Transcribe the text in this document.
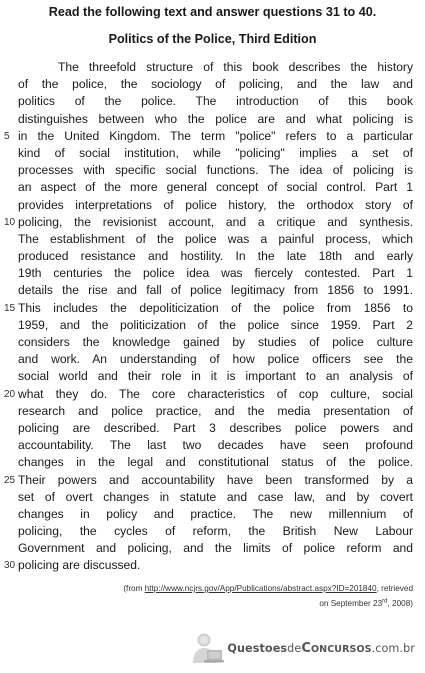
Read the following text and answer questions 31 to 40.
Politics of the Police, Third Edition
The threefold structure of this book describes the history
of the police, the sociology of policing, and the law and
politics of the police. The introduction of this book
distinguishes between who the police are and what policing is
5 in the United Kingdom. The term "police" refers to a particular
kind of social institution, while "policing" implies a set of
processes with specific social functions. The idea of policing is
an aspect of the more general concept of social control. Part 1
provides interpretations of police history, the orthodox story of
10 policing, the revisionist account, and a critique and synthesis.
The establishment of the police was a painful process, which
produced resistance and hostility. In the late 18th and early
19th centuries the police idea was fiercely contested. Part 1
details the rise and fall of police legitimacy from 1856 to 1991.
15 This includes the depoliticization of the police from 1856 to
1959, and the politicization of the police since 1959. Part 2
considers the knowledge gained by studies of police culture
and work. An understanding of how police officers see the
social world and their role in it is important to an analysis of
20 what they do. The core characteristics of cop culture, social
research and police practice, and the media presentation of
policing are described. Part 3 describes police powers and
accountability. The last two decades have seen profound
changes in the legal and constitutional status of the police.
25 Their powers and accountability have been transformed by a
set of overt changes in statute and case law, and by covert
changes in policy and practice. The new millennium of
policing, the cycles of reform, the British New Labour
Government and policing, and the limits of police reform and
30 policing are discussed.
(from http://www.ncjrs.gov/App/Publications/abstract.aspx?ID=201840, retrieved
on September 23rd, 2008)
QuestoesdeCONCURSOS.com.br
